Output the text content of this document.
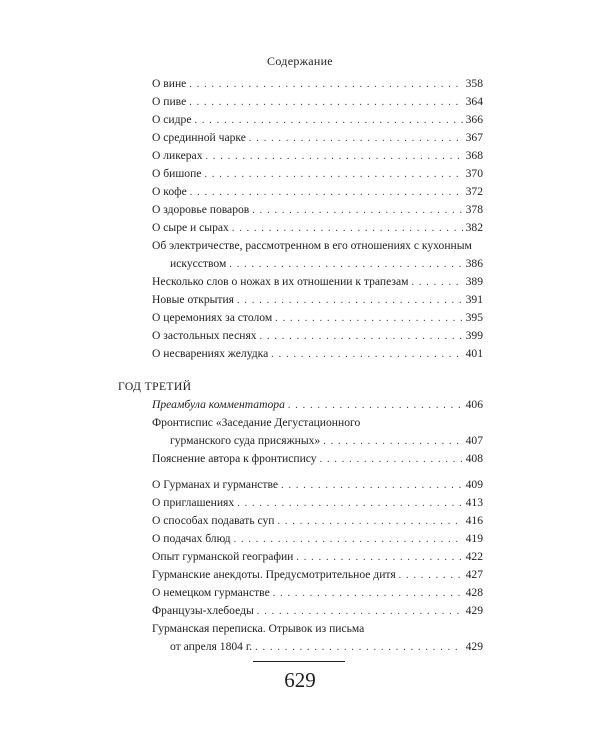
Содержание
О вине . . .	358
О пиве . . .	364
О сидре . . .	366
О срединной чарке . . .	367
О ликерах . . .	368
О бишопе . . .	370
О кофе . . .	372
О здоровье поваров . . .	378
О сыре и сырах . . .	382
Об электричестве, рассмотренном в его отношениях с кухонным
искусством . . .	386
Несколько слов о ножах в их отношении к трапезам . . .	389
Новые открытия . . .	391
О церемониях за столом . . .	395
О застольных песнях . . .	399
О несварениях желудка . . .	401
ГОД ТРЕТИЙ
Преамбула комментатора . . .	406
Фронтиспис «Заседание Дегустационного
гурманского суда присяжных» . . .	407
Пояснение автора к фронтиспису . . .	408
О Гурманах и гурманстве . . .	409
О приглашениях . . .	413
О способах подавать суп . . .	416
О подачах блюд . . .	419
Опыт гурманской географии . . .	422
Гурманские анекдоты. Предусмотрительное дитя . . .	427
О немецком гурманстве . . .	428
Французы-хлебоеды . . .	429
Гурманская переписка. Отрывок из письма
от апреля 1804 г. . . .	429
629
